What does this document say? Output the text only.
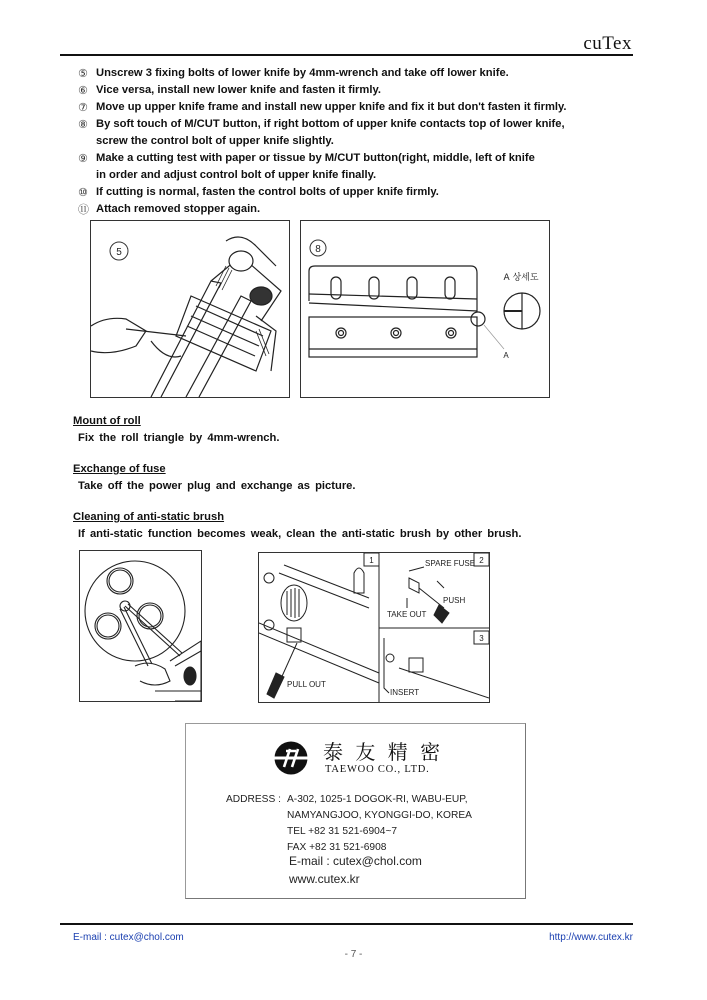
cuTex
⑤ Unscrew 3 fixing bolts of lower knife by 4mm-wrench and take off lower knife.
⑥ Vice versa, install new lower knife and fasten it firmly.
⑦ Move up upper knife frame and install new upper knife and fix it but don't fasten it firmly.
⑧ By soft touch of M/CUT button, if right bottom of upper knife contacts top of lower knife,
screw the control bolt of upper knife slightly.
⑨ Make a cutting test with paper or tissue by M/CUT button(right, middle, left of knife
in order and adjust control bolt of upper knife finally.
⑩ If cutting is normal, fasten the control bolts of upper knife firmly.
⑪ Attach removed stopper again.
5	8
A 상세도
A
Mount of roll
Fix the roll triangle by 4mm-wrench.
Exchange of fuse
Take off the power plug and exchange as picture.
Cleaning of anti-static brush
If anti-static function becomes weak, clean the anti-static brush by other brush.
1	2
3
SPARE FUSE
PUSH
TAKE OUT
PULL OUT
INSERT
泰 友 精 密
TAEWOO CO., LTD.
ADDRESS : A-302, 1025-1 DOGOK-RI, WABU-EUP,
NAMYANGJOO, KYONGGI-DO, KOREA
TEL +82 31 521-6904~7
FAX +82 31 521-6908
E-mail : cutex@chol.com
www.cutex.kr
E-mail : cutex@chol.com	http://www.cutex.kr
- 7 -
